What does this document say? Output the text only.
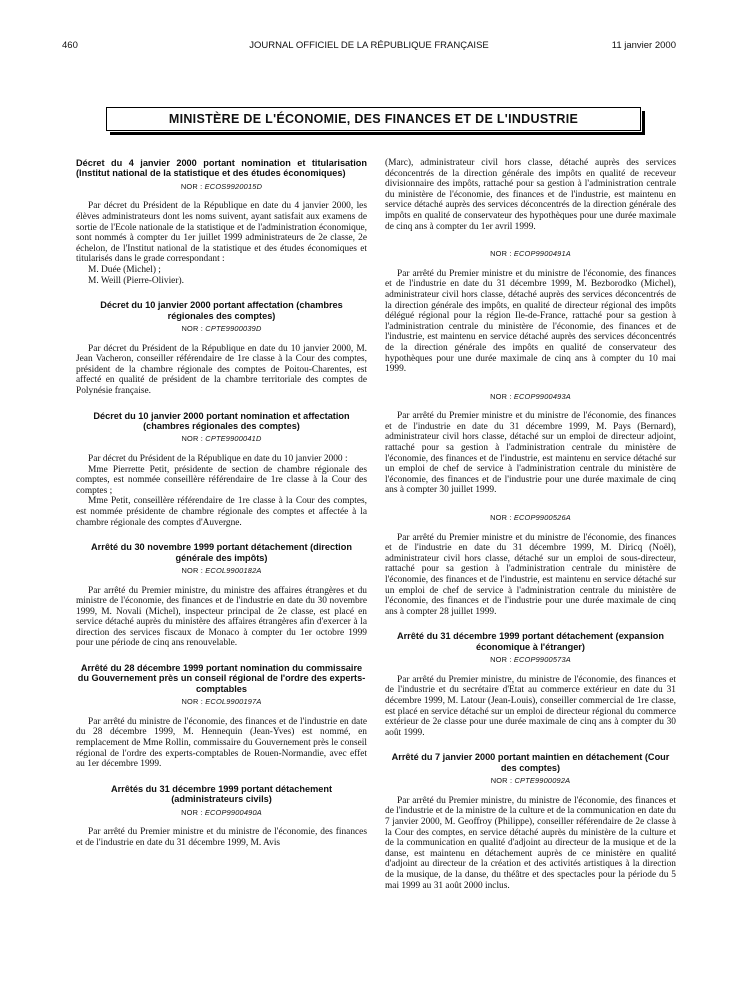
460	JOURNAL OFFICIEL DE LA RÉPUBLIQUE FRANÇAISE	11 janvier 2000
MINISTÈRE DE L'ÉCONOMIE, DES FINANCES ET DE L'INDUSTRIE
Décret du 4 janvier 2000 portant nomination et titularisation (Institut national de la statistique et des études économiques)
NOR : ECOS9920015D

Par décret du Président de la République en date du 4 janvier 2000, les élèves administrateurs dont les noms suivent, ayant satisfait aux examens de sortie de l'Ecole nationale de la statistique et de l'administration économique, sont nommés à compter du 1er juillet 1999 administrateurs de 2e classe, 2e échelon, de l'Institut national de la statistique et des études économiques et titularisés dans le grade correspondant :

M. Duée (Michel) ;

M. Weill (Pierre-Olivier).

Décret du 10 janvier 2000 portant affectation (chambres régionales des comptes)
NOR : CPTE9900039D

Par décret du Président de la République en date du 10 janvier 2000, M. Jean Vacheron, conseiller référendaire de 1re classe à la Cour des comptes, président de la chambre régionale des comptes de Poitou-Charentes, est affecté en qualité de président de la chambre territoriale des comptes de Polynésie française.

Décret du 10 janvier 2000 portant nomination et affectation (chambres régionales des comptes)
NOR : CPTE9900041D

Par décret du Président de la République en date du 10 janvier 2000 :

Mme Pierrette Petit, présidente de section de chambre régionale des comptes, est nommée conseillère référendaire de 1re classe à la Cour des comptes ;

Mme Petit, conseillère référendaire de 1re classe à la Cour des comptes, est nommée présidente de chambre régionale des comptes et affectée à la chambre régionale des comptes d'Auvergne.

Arrêté du 30 novembre 1999 portant détachement (direction générale des impôts)
NOR : ECOL9900182A

Par arrêté du Premier ministre, du ministre des affaires étrangères et du ministre de l'économie, des finances et de l'industrie en date du 30 novembre 1999, M. Novali (Michel), inspecteur principal de 2e classe, est placé en service détaché auprès du ministère des affaires étrangères afin d'exercer à la direction des services fiscaux de Monaco à compter du 1er octobre 1999 pour une période de cinq ans renouvelable.

Arrêté du 28 décembre 1999 portant nomination du commissaire du Gouvernement près un conseil régional de l'ordre des experts-comptables
NOR : ECOL9900197A

Par arrêté du ministre de l'économie, des finances et de l'industrie en date du 28 décembre 1999, M. Hennequin (Jean-Yves) est nommé, en remplacement de Mme Rollin, commissaire du Gouvernement près le conseil régional de l'ordre des experts-comptables de Rouen-Normandie, avec effet au 1er décembre 1999.

Arrêtés du 31 décembre 1999 portant détachement (administrateurs civils)
NOR : ECOP9900490A

Par arrêté du Premier ministre et du ministre de l'économie, des finances et de l'industrie en date du 31 décembre 1999, M. Avis

(Marc), administrateur civil hors classe, détaché auprès des services déconcentrés de la direction générale des impôts en qualité de receveur divisionnaire des impôts, rattaché pour sa gestion à l'administration centrale du ministère de l'économie, des finances et de l'industrie, est maintenu en service détaché auprès des services déconcentrés de la direction générale des impôts en qualité de conservateur des hypothèques pour une durée maximale de cinq ans à compter du 1er avril 1999.

NOR : ECOP9900491A

Par arrêté du Premier ministre et du ministre de l'économie, des finances et de l'industrie en date du 31 décembre 1999, M. Bezborodko (Michel), administrateur civil hors classe, détaché auprès des services déconcentrés de la direction générale des impôts, en qualité de directeur régional des impôts délégué régional pour la région Ile-de-France, rattaché pour sa gestion à l'administration centrale du ministère de l'économie, des finances et de l'industrie, est maintenu en service détaché auprès des services déconcentrés de la direction générale des impôts en qualité de conservateur des hypothèques pour une durée maximale de cinq ans à compter du 10 mai 1999.

NOR : ECOP9900493A

Par arrêté du Premier ministre et du ministre de l'économie, des finances et de l'industrie en date du 31 décembre 1999, M. Pays (Bernard), administrateur civil hors classe, détaché sur un emploi de directeur adjoint, rattaché pour sa gestion à l'administration centrale du ministère de l'économie, des finances et de l'industrie, est maintenu en service détaché sur un emploi de chef de service à l'administration centrale du ministère de l'économie, des finances et de l'industrie pour une durée maximale de cinq ans à compter 30 juillet 1999.

NOR : ECOP9900526A

Par arrêté du Premier ministre et du ministre de l'économie, des finances et de l'industrie en date du 31 décembre 1999, M. Diricq (Noël), administrateur civil hors classe, détaché sur un emploi de sous-directeur, rattaché pour sa gestion à l'administration centrale du ministère de l'économie, des finances et de l'industrie, est maintenu en service détaché sur un emploi de chef de service à l'administration centrale du ministère de l'économie, des finances et de l'industrie pour une durée maximale de cinq ans à compter 28 juillet 1999.

Arrêté du 31 décembre 1999 portant détachement (expansion économique à l'étranger)
NOR : ECOP9900573A

Par arrêté du Premier ministre, du ministre de l'économie, des finances et de l'industrie et du secrétaire d'Etat au commerce extérieur en date du 31 décembre 1999, M. Latour (Jean-Louis), conseiller commercial de 1re classe, est placé en service détaché sur un emploi de directeur régional du commerce extérieur de 2e classe pour une durée maximale de cinq ans à compter du 30 août 1999.

Arrêté du 7 janvier 2000 portant maintien en détachement (Cour des comptes)
NOR : CPTE9900092A

Par arrêté du Premier ministre, du ministre de l'économie, des finances et de l'industrie et de la ministre de la culture et de la communication en date du 7 janvier 2000, M. Geoffroy (Philippe), conseiller référendaire de 2e classe à la Cour des comptes, en service détaché auprès du ministère de la culture et de la communication en qualité d'adjoint au directeur de la musique et de la danse, est maintenu en détachement auprès de ce ministère en qualité d'adjoint au directeur de la création et des activités artistiques à la direction de la musique, de la danse, du théâtre et des spectacles pour la période du 5 mai 1999 au 31 août 2000 inclus.
